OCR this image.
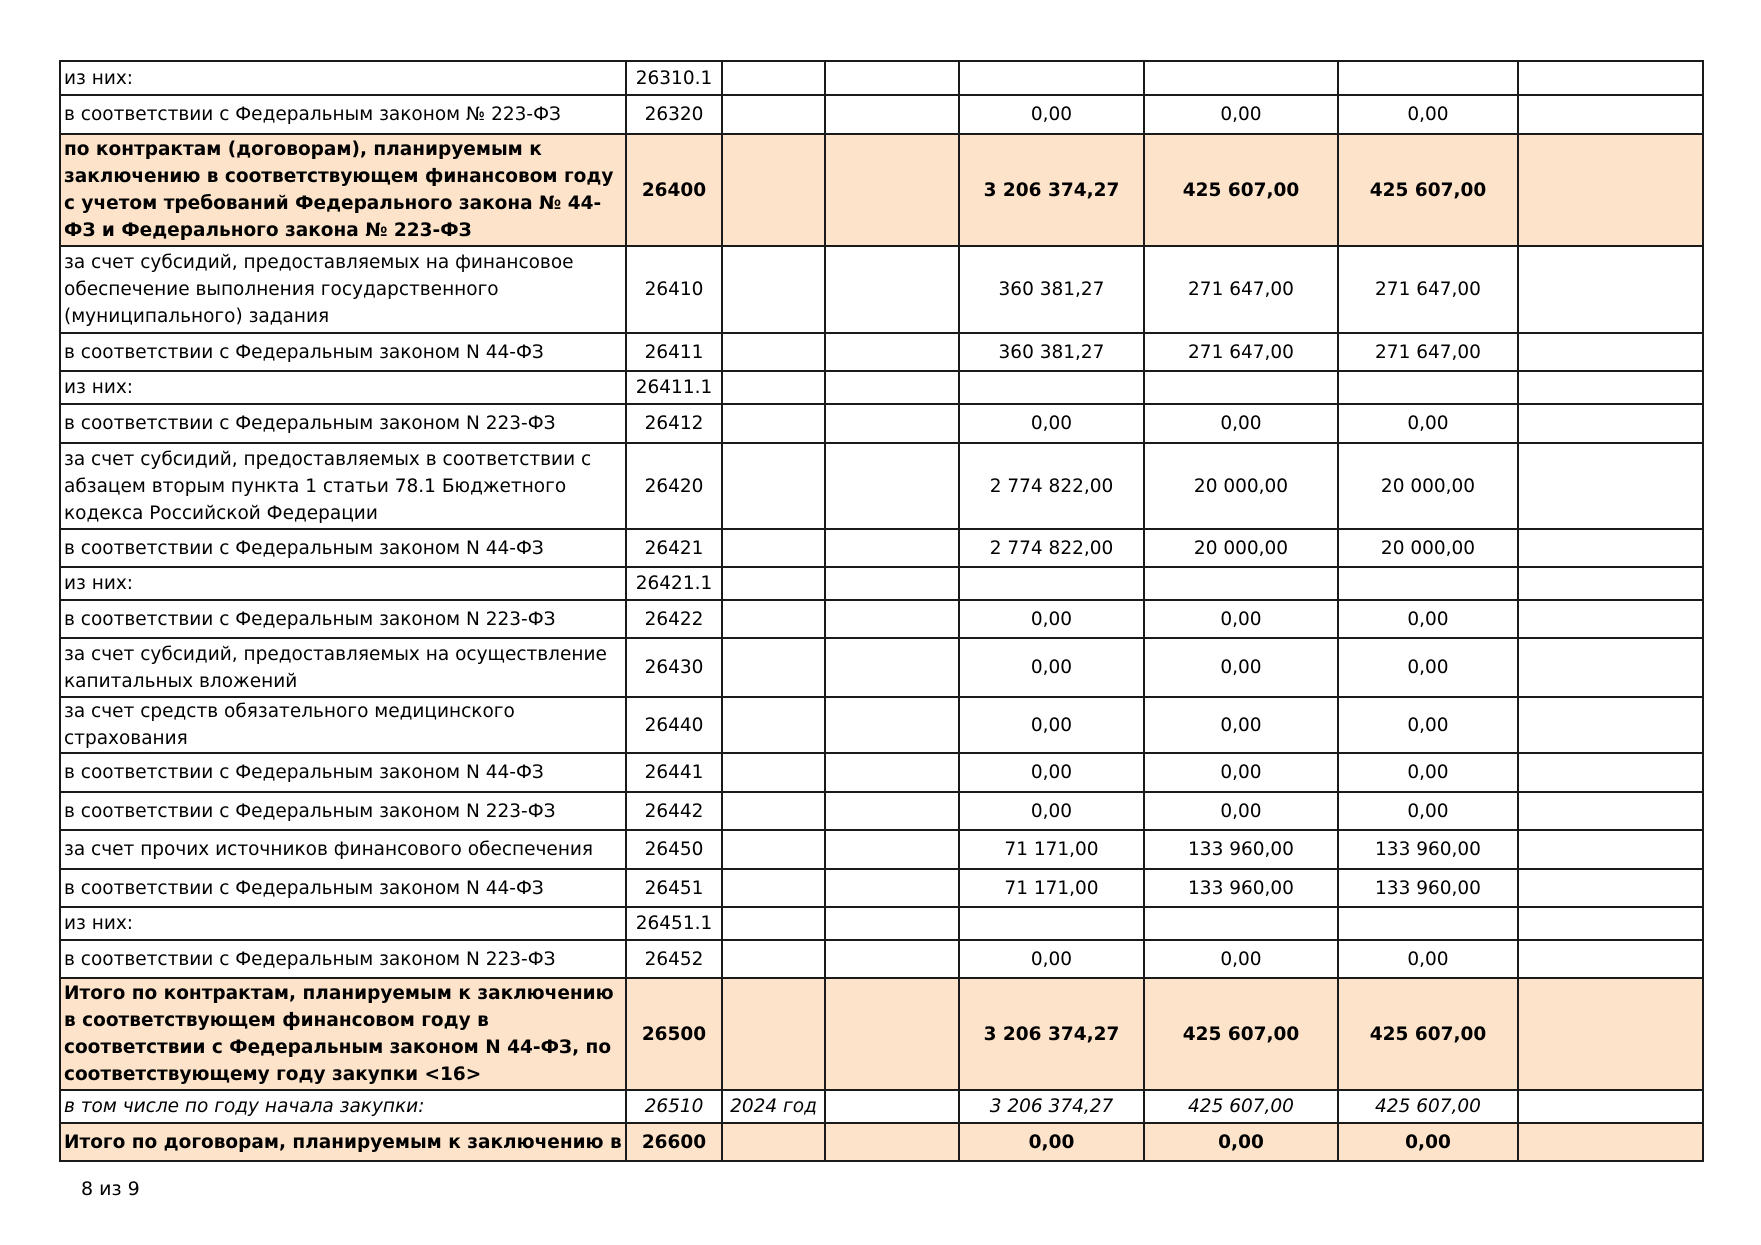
из них:	26310.1						
в соответствии с Федеральным законом № 223-ФЗ	26320			0,00	0,00	0,00	
по контрактам (договорам), планируемым к заключению в соответствующем финансовом году с учетом требований Федерального закона № 44-ФЗ и Федерального закона № 223-ФЗ	26400			3 206 374,27	425 607,00	425 607,00	
за счет субсидий, предоставляемых на финансовое обеспечение выполнения государственного (муниципального) задания	26410			360 381,27	271 647,00	271 647,00	
в соответствии с Федеральным законом N 44-ФЗ	26411			360 381,27	271 647,00	271 647,00	
из них:	26411.1						
в соответствии с Федеральным законом N 223-ФЗ	26412			0,00	0,00	0,00	
за счет субсидий, предоставляемых в соответствии с абзацем вторым пункта 1 статьи 78.1 Бюджетного кодекса Российской Федерации	26420			2 774 822,00	20 000,00	20 000,00	
в соответствии с Федеральным законом N 44-ФЗ	26421			2 774 822,00	20 000,00	20 000,00	
из них:	26421.1						
в соответствии с Федеральным законом N 223-ФЗ	26422			0,00	0,00	0,00	
за счет субсидий, предоставляемых на осуществление капитальных вложений	26430			0,00	0,00	0,00	
за счет средств обязательного медицинского страхования	26440			0,00	0,00	0,00	
в соответствии с Федеральным законом N 44-ФЗ	26441			0,00	0,00	0,00	
в соответствии с Федеральным законом N 223-ФЗ	26442			0,00	0,00	0,00	
за счет прочих источников финансового обеспечения	26450			71 171,00	133 960,00	133 960,00	
в соответствии с Федеральным законом N 44-ФЗ	26451			71 171,00	133 960,00	133 960,00	
из них:	26451.1						
в соответствии с Федеральным законом N 223-ФЗ	26452			0,00	0,00	0,00	
Итого по контрактам, планируемым к заключению в соответствующем финансовом году в соответствии с Федеральным законом N 44-ФЗ, по соответствующему году закупки <16>	26500			3 206 374,27	425 607,00	425 607,00	
в том числе по году начала закупки:	26510	2024 год		3 206 374,27	425 607,00	425 607,00	
Итого по договорам, планируемым к заключению в	26600			0,00	0,00	0,00	
8 из 9
